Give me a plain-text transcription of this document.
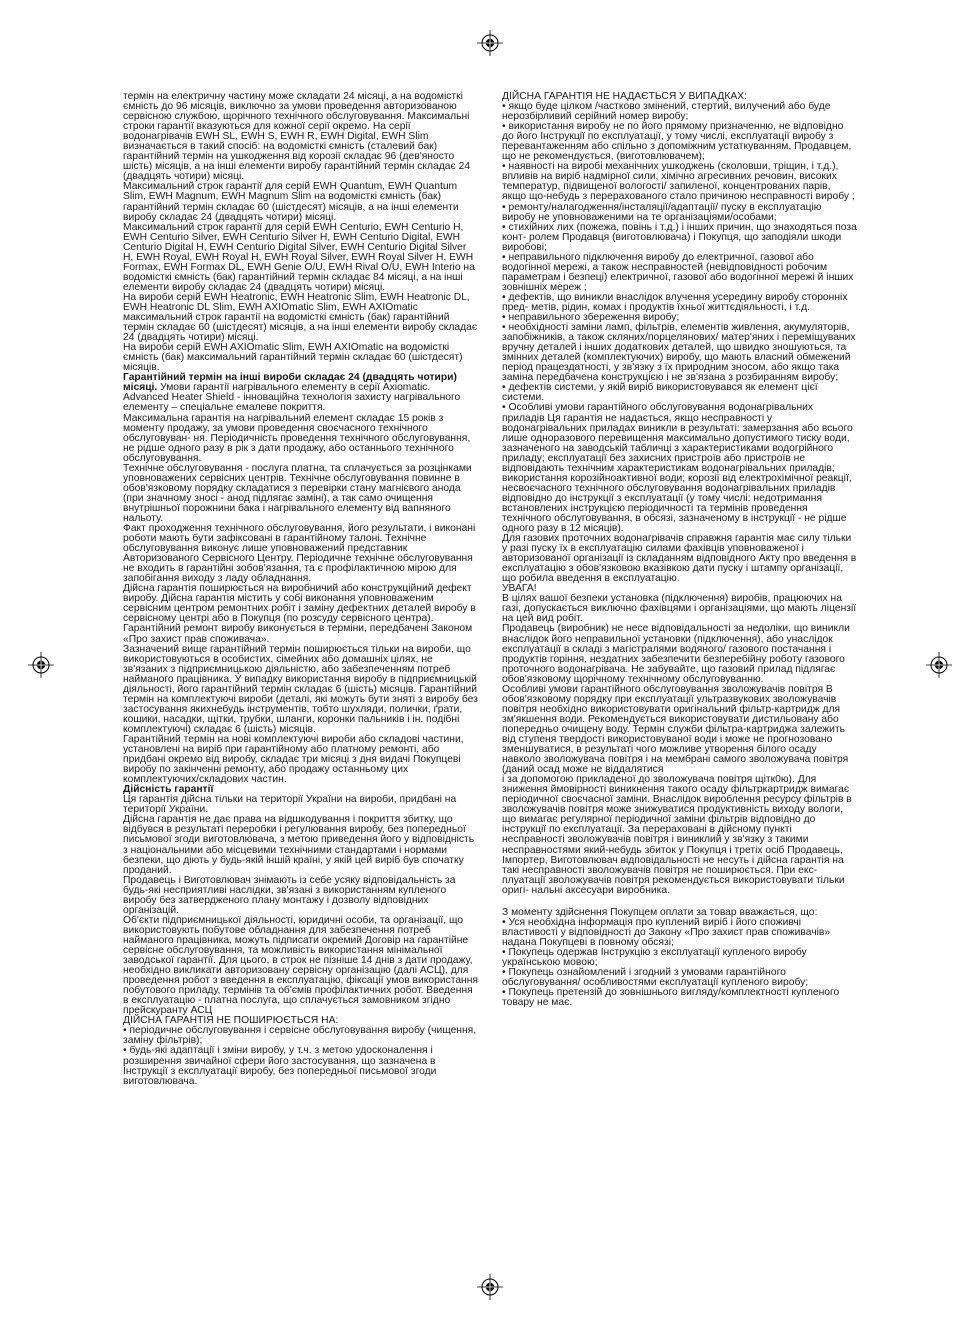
термін на електричну частину може складати 24 місяці, а на водомісткі ємність до 96 місяців, виключно за умови проведення авторизованою сервісною службою, щорічного технічного обслуговування. Максимальні строки гарантії вказуються для кожної серії окремо. На серії водонагрівачів EWH SL, EWH S, EWH R, EWH Digital, EWH Slim визначається в такий спосіб: на водомісткі ємність (сталевий бак) гарантійний термін на ушкодження від корозії складає 96 (дев'яносто шість) місяців, а на інші елементи виробу гарантійний термін складає 24 (двадцять чотири) місяці.

Максимальний строк гарантії для серій EWH Quantum, EWH Quantum Slim, EWH Magnum, EWH Magnum Slim на водомісткі ємність (бак) гарантійний термін складає 60 (шістдесят) місяців, а на інші елементи виробу складає 24 (двадцять чотири) місяці.

Максимальний строк гарантії для серій EWH Centurio, EWH Centurio H, EWH Centurio Silver, EWH Centurio Silver H, EWH Centurio Digital, EWH Centurio Digital H, EWH Centurio Digital Silver, EWH Centurio Digital Silver H, EWH Royal, EWH Royal H, EWH Royal Silver, EWH Royal Silver H, EWH Formax, EWH Formax DL, EWH Genie O/U, EWH Rival O/U, EWH Interio на водомісткі ємність (бак) гарантійний термін складає 84 місяці, а на інші елементи виробу складає 24 (двадцять чотири) місяці.

На вироби серій EWH Heatronic, EWH Heatronic Slim, EWH Heatronic DL, EWH Heatronic DL Slim, EWH AXIOmatic Slim, EWH AXIOmatic максимальний строк гарантії на водомісткі ємність (бак) гарантійний термін складає 60 (шістдесят) місяців, а на інші елементи виробу складає 24 (двадцять чотири) місяці.

На вироби серій EWH AXIOmatic Slim, EWH AXIOmatic на водомісткі ємність (бак) максимальний гарантійний термін складає 60 (шістдесят) місяців.

Гарантійний термін на інші вироби складає 24 (двадцять чотири) місяці. Умови гарантії нагрівального елементу в серії Axiomatic.

Advanced Heater Shield - інноваційна технологія захисту нагрівального елементу – спеціальне емалеве покриття.

Максимальна гарантія на нагрівальний елемент складає 15 років з моменту продажу, за умови проведення своєчасного технічного обслуговуван- ня. Періодичність проведення технічного обслуговування, не рідше одного разу в рік з дати продажу, або останнього технічного обслуговування.

Технічне обслуговування - послуга платна, та сплачується за розцінками уповноважених сервісних центрів. Технічне обслуговування повинне в обов'язковому порядку складатися з перевірки стану магнієвого анода (при значному зносі - анод підлягає заміні), а так само очищення внутрішньої порожнини бака і нагрівального елементу від вапняного нальоту.

Факт проходження технічного обслуговування, його результати, і виконані роботи мають бути зафіксовані в гарантійному талоні. Технічне обслуговування виконує лише уповноважений представник Авторизованого Сервісного Центру. Періодичне технічне обслуговування не входить в гарантійні зобов'язання, та є профілактичною мірою для запобігання виходу з ладу обладнання.

Дійсна гарантія поширюється на виробничий або конструкційний дефект виробу. Дійсна гарантія містить у собі виконання уповноваженим сервісним центром ремонтних робіт і заміну дефектних деталей виробу в сервісному центрі або в Покупця (по розсуду сервісного центра). Гарантійний ремонт виробу виконується в терміни, передбачені Законом «Про захист прав споживача».

Зазначений вище гарантійний термін поширюється тільки на вироби, що використовуються в особистих, сімейних або домашніх цілях, не зв'язаних з підприємницькою діяльністю, або забезпеченням потреб найманого працівника. У випадку використання виробу в підприємницькій діяльності, його гарантійний термін складає 6 (шість) місяців. Гарантійний термін на комплектуючі вироби (деталі, які можуть бути зняті з виробу без застосування якихнебудь інструментів, тобто шухляди, полички, ґрати, кошики, насадки, щітки, трубки, шланги, коронки пальників і ін. подібні комплектуючі) складає 6 (шість) місяців.

Гарантійний термін на нові комплектуючі вироби або складові частини, установлені на виріб при гарантійному або платному ремонті, або придбані окремо від виробу, складає три місяці з дня видачі Покупцеві виробу по закінченні ремонту, або продажу останньому цих комплектуючих/складових частин.

Дійсність гарантії

Ця гарантія дійсна тільки на території України на вироби, придбані на території України.

Дійсна гарантія не дає права на відшкодування і покриття збитку, що відбувся в результаті переробки і регулювання виробу, без попередньої письмової згоди виготовлювача, з метою приведення його у відповідність з національними або місцевими технічними стандартами і нормами безпеки, що діють у будь-якій іншій країні, у якій цей виріб був спочатку проданий.

Продавець і Виготовлювач знімають із себе усяку відповідальність за будь-які несприятливі наслідки, зв'язані з використанням купленого виробу без затвердженого плану монтажу і дозволу відповідних організацій.

Об'єкти підприємницької діяльності, юридичні особи, та організації, що використовують побутове обладнання для забезпечення потреб найманого працівника, можуть підписати окремий Договір на гарантійне сервісне обслуговування, та можливість використання мінімальної заводської гарантії. Для цього, в строк не пізніше 14 днів з дати продажу, необхідно викликати авторизовану сервісну організацію (далі АСЦ), для проведення робот з введення в експлуатацію, фіксації умов використання побутового приладу, термінів та об'ємів профілактичних робот. Введення в експлуатацію - платна послуга, що сплачується замовником згідно прейскуранту АСЦ

ДІЙСНА ГАРАНТІЯ НЕ ПОШИРЮЄТЬСЯ НА:

• періодичне обслуговування і сервісне обслуговування виробу (чищення, заміну фільтрів);

• будь-які адаптації і зміни виробу, у т.ч. з метою удосконалення і розширення звичайної сфери його застосування, що зазначена в Інструкції з експлуатації виробу, без попередньої письмової згоди виготовлювача.

ДІЙСНА ГАРАНТІЯ НЕ НАДАЄТЬСЯ У ВИПАДКАХ:

• якщо буде цілком /частково змінений, стертий, вилучений або буде нерозбірливий серійний номер виробу;

• використання виробу не по його прямому призначенню, не відповідно до його Інструкції по експлуатації, у тому числі, експлуатації виробу з перевантаженням або спільно з допоміжним устаткуванням, Продавцем, що не рекомендується, (виготовлювачем);

• наявності на виробі механічних ушкоджень (сколовши, тріщин, і т.д.), впливів на виріб надмірної сили, хімічно агресивних речовин, високих температур, підвищеної вологості/ запиленої, концентрованих парів, якщо що-небудь з перерахованого стало причиною несправності виробу ;

• ремонту/налагодження/інсталяції/адаптації/ пуску в експлуатацію виробу не уповноваженими на те організаціями/особами;

• стихійних лих (пожежа, повінь і т.д.) і інших причин, що знаходяться поза конт- ролем Продавця (виготовлювача) і Покупця, що заподіяли шкоди виробові;

• неправильного підключення виробу до електричної, газової або водогінної мережі, а також несправностей (невідповідності робочим параметрам і безпеці) електричної, газової або водогінної мережі й інших зовнішніх мереж ;

• дефектів, що виникли внаслідок влучення усередину виробу сторонніх пред- метів, рідин, комах і продуктів їхньої життєдіяльності, і т.д.

• неправильного збереження виробу;

• необхідності заміни ламп, фільтрів, елементів живлення, акумуляторів, запобіжників, а також скляних/порцелянових/ матер'яних і переміщуваних вручну деталей і інших додаткових деталей, що швидко зношуються, та змінних деталей (комплектуючих) виробу, що мають власний обмежений період працездатності, у зв'язку з їх природним зносом, або якщо така заміна передбачена конструкцією і не зв'язана з розбиранням виробу;

• дефектів системи, у якій виріб використовувався як елемент цієї системи.

• Особливі умови гарантійного обслуговування водонагрівальних приладів Ця гарантія не надається, якщо несправності у водонагрівальних приладах виникли в результаті: замерзання або всього лише одноразового перевищення максимально допустимого тиску води, зазначеного на заводській табличці з характеристиками водогрійного приладу; експлуатації без захисних пристроїв або пристроїв не відповідають технічним характеристикам водонагрівальних приладів; використання корозійноактивної води; корозії від електрохімічної реакції, несвоєчасного технічного обслуговування водонагрівальних приладів відповідно до інструкції з експлуатації (у тому числі: недотримання встановлених інструкцією періодичності та термінів проведення технічного обслуговування, в обсязі, зазначеному в інструкції - не рідше одного разу в 12 місяців).

Для газових проточних водонагрівачів справжня гарантія має силу тільки у разі пуску їх в експлуатацію силами фахівців уповноваженої і авторизованої організації із складанням відповідного Акту про введення в експлуатацію з обов'язковою вказівкою дати пуску і штампу організації, що робила введення в експлуатацію.

УВАГА!

В цілях вашої безпеки установка (підключення) виробів, працюючих на газі, допускається виключно фахівцями і організаціями, що мають ліцензії на цей вид робіт.

Продавець (виробник) не несе відповідальності за недоліки, що виникли внаслідок його неправильної установки (підключення), або унаслідок експлуатації в складі з магістралями водяного/ газового постачання і продуктів горіння, нездатних забезпечити безперебійну роботу газового проточного водонагрівача. Не забувайте, що газовий прилад підлягає обов'язковому щорічному технічному обслуговуванню.

Особливі умови гарантійного обслуговування зволожувачів повітря В обов'язковому порядку при експлуатації ультразвукових зволожувачів повітря необхідно використовувати оригінальний фільтр-картридж для зм'якшення води. Рекомендується використовувати дистильовану або попередньо очищену воду. Термін служби фільтра-картриджа залежить від ступеня твердості використовуваної води і може не прогнозовано зменшуватися, в результаті чого можливе утворення білого осаду навколо зволожувача повітря і на мембрані самого зволожувача повітря (даний осад може не віддалятися

і за допомогою прикладеної до зволожувача повітря щітк0ю). Для зниження ймовірності виникнення такого осаду фільтркартридж вимагає періодичної своєчасної заміни. Внаслідок вироблення ресурсу фільтрів в зволожувачів повітря може знижуватися продуктивність виходу вологи, що вимагає регулярної періодичної заміни фільтрів відповідно до інструкції по експлуатації. За перераховані в дійсному пункті несправності зволожувачів повітря і виниклий у зв'язку з такими несправностями який-небудь збиток у Покупця і третіх осіб Продавець, Імпортер, Виготовлювач відповідальності не несуть і дійсна гарантія на такі несправності зволожувачів повітря не поширюється. При екс- плуатації зволожувачів повітря рекомендується використовувати тільки оригі- нальні аксесуари виробника.

З моменту здійснення Покупцем оплати за товар вважається, що:

• Уся необхідна інформація про куплений виріб і його споживчі властивості у відповідності до Закону «Про захист прав споживачів» надана Покупцеві в повному обсязі;

• Покупець одержав Інструкцію з експлуатації купленого виробу українською мовою;

• Покупець ознайомлений і згодний з умовами гарантійного обслуговування/ особливостями експлуатації купленого виробу;

• Покупець претензій до зовнішнього вигляду/комплектності купленого товару не має.
